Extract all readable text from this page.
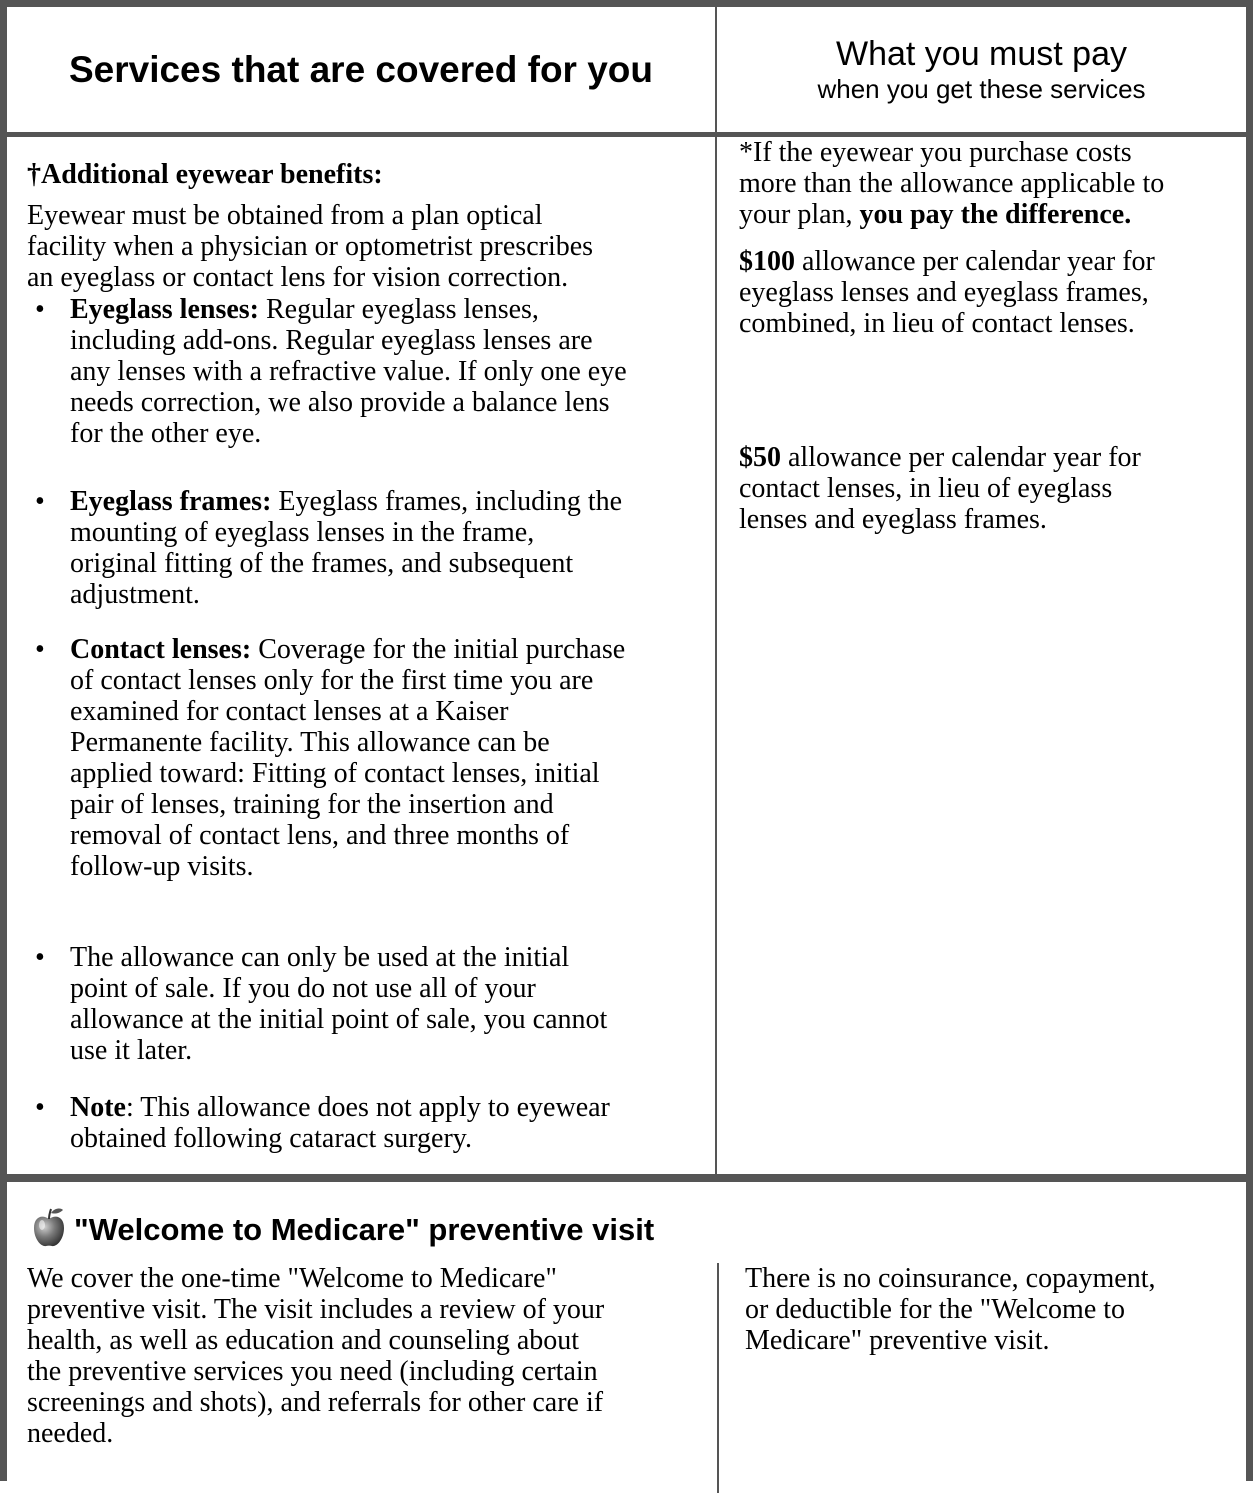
Services that are covered for you	What you must pay
when you get these services
†Additional eyewear benefits:
Eyewear must be obtained from a plan optical
facility when a physician or optometrist prescribes
an eyeglass or contact lens for vision correction.
• Eyeglass lenses: Regular eyeglass lenses,
including add-ons. Regular eyeglass lenses are
any lenses with a refractive value. If only one eye
needs correction, we also provide a balance lens
for the other eye.
• Eyeglass frames: Eyeglass frames, including the
mounting of eyeglass lenses in the frame,
original fitting of the frames, and subsequent
adjustment.
• Contact lenses: Coverage for the initial purchase
of contact lenses only for the first time you are
examined for contact lenses at a Kaiser
Permanente facility. This allowance can be
applied toward: Fitting of contact lenses, initial
pair of lenses, training for the insertion and
removal of contact lens, and three months of
follow-up visits.
• The allowance can only be used at the initial
point of sale. If you do not use all of your
allowance at the initial point of sale, you cannot
use it later.
• Note: This allowance does not apply to eyewear
obtained following cataract surgery.
*If the eyewear you purchase costs
more than the allowance applicable to
your plan, you pay the difference.
$100 allowance per calendar year for
eyeglass lenses and eyeglass frames,
combined, in lieu of contact lenses.
$50 allowance per calendar year for
contact lenses, in lieu of eyeglass
lenses and eyeglass frames.
"Welcome to Medicare" preventive visit
We cover the one-time "Welcome to Medicare"
preventive visit. The visit includes a review of your
health, as well as education and counseling about
the preventive services you need (including certain
screenings and shots), and referrals for other care if
needed.
There is no coinsurance, copayment,
or deductible for the "Welcome to
Medicare" preventive visit.
